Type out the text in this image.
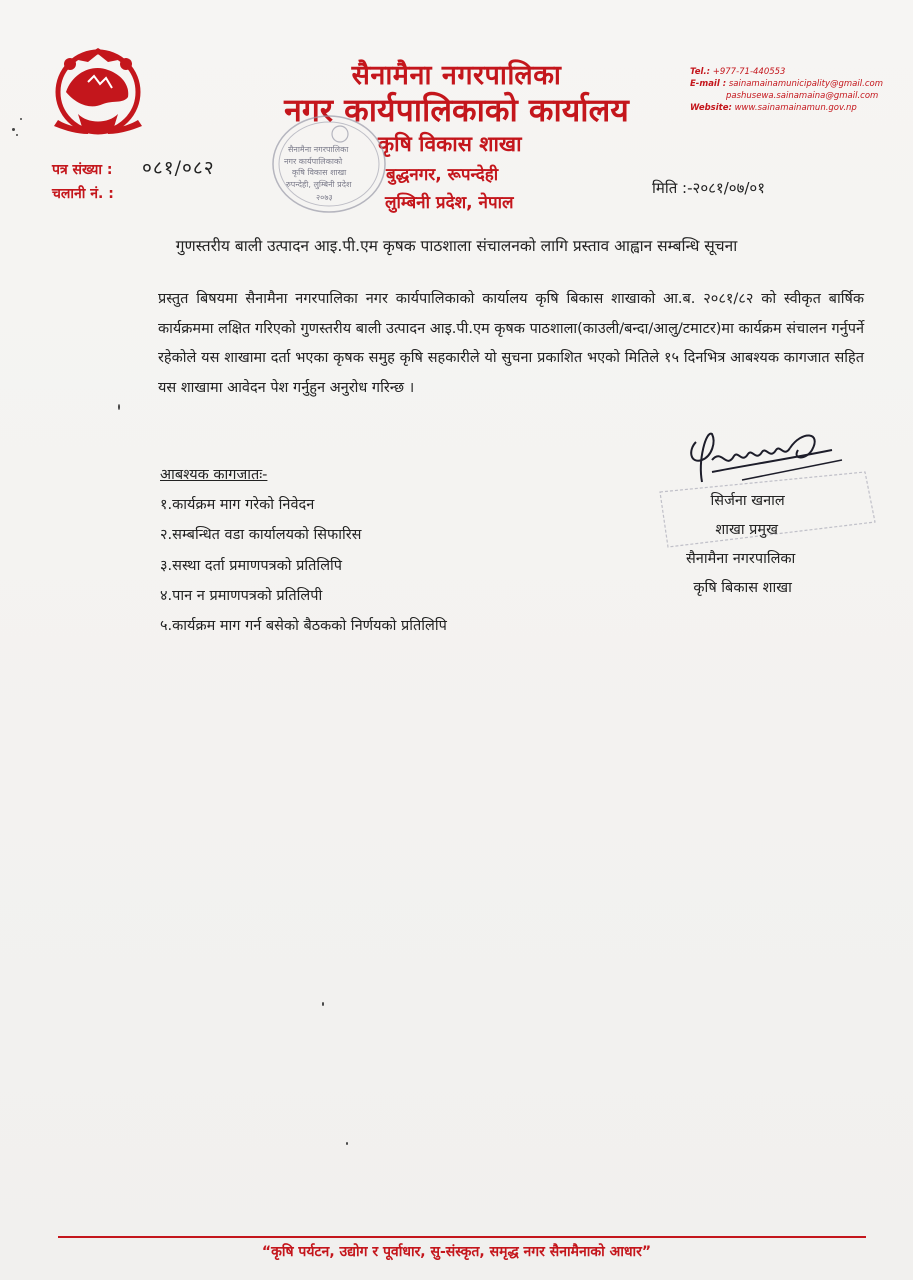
सैनामैना नगरपालिका
नगर कार्यपालिकाको कार्यालय
कृषि विकास शाखा
बुद्धनगर, रूपन्देही
लुम्बिनी प्रदेश, नेपाल
Tel.: +977-71-440553
E-mail : sainamainamunicipality@gmail.com
pashusewa.sainamaina@gmail.com
Website: www.sainamainamun.gov.np
पत्र संख्या : ०८१/०८२
चलानी नं. :	मिति :-२०८१/०७/०१
सैनामैना नगरपालिका
नगर कार्यपालिकाको
कृषि विकास शाखा
रुपन्देही, लुम्बिनी प्रदेश
२०७३
गुणस्तरीय बाली उत्पादन आइ.पी.एम कृषक पाठशाला संचालनको लागि प्रस्ताव आह्वान सम्बन्धि सूचना
प्रस्तुत बिषयमा सैनामैना नगरपालिका नगर कार्यपालिकाको कार्यालय कृषि बिकास शाखाको आ.ब. २०८१/८२ को स्वीकृत बार्षिक कार्यक्रममा लक्षित गरिएको गुणस्तरीय बाली उत्पादन आइ.पी.एम कृषक पाठशाला(काउली/बन्दा/आलु/टमाटर)मा कार्यक्रम संचालन गर्नुपर्ने रहेकोले यस शाखामा दर्ता भएका कृषक समुह कृषि सहकारीले यो सुचना प्रकाशित भएको मितिले १५ दिनभित्र आबश्यक कागजात सहित यस शाखामा आवेदन पेश गर्नुहुन अनुरोध गरिन्छ ।
आबश्यक कागजातः-
१.कार्यक्रम माग गरेको निवेदन
२.सम्बन्धित वडा कार्यालयको सिफारिस
३.सस्था दर्ता प्रमाणपत्रको प्रतिलिपि
४.पान न प्रमाणपत्रको प्रतिलिपी
५.कार्यक्रम माग गर्न बसेको बैठकको निर्णयको प्रतिलिपि
सिर्जना खनाल
शाखा प्रमुख
सैनामैना नगरपालिका
कृषि बिकास शाखा
“कृषि पर्यटन, उद्योग र पूर्वाधार, सु-संस्कृत, समृद्ध नगर सैनामैनाको आधार”
